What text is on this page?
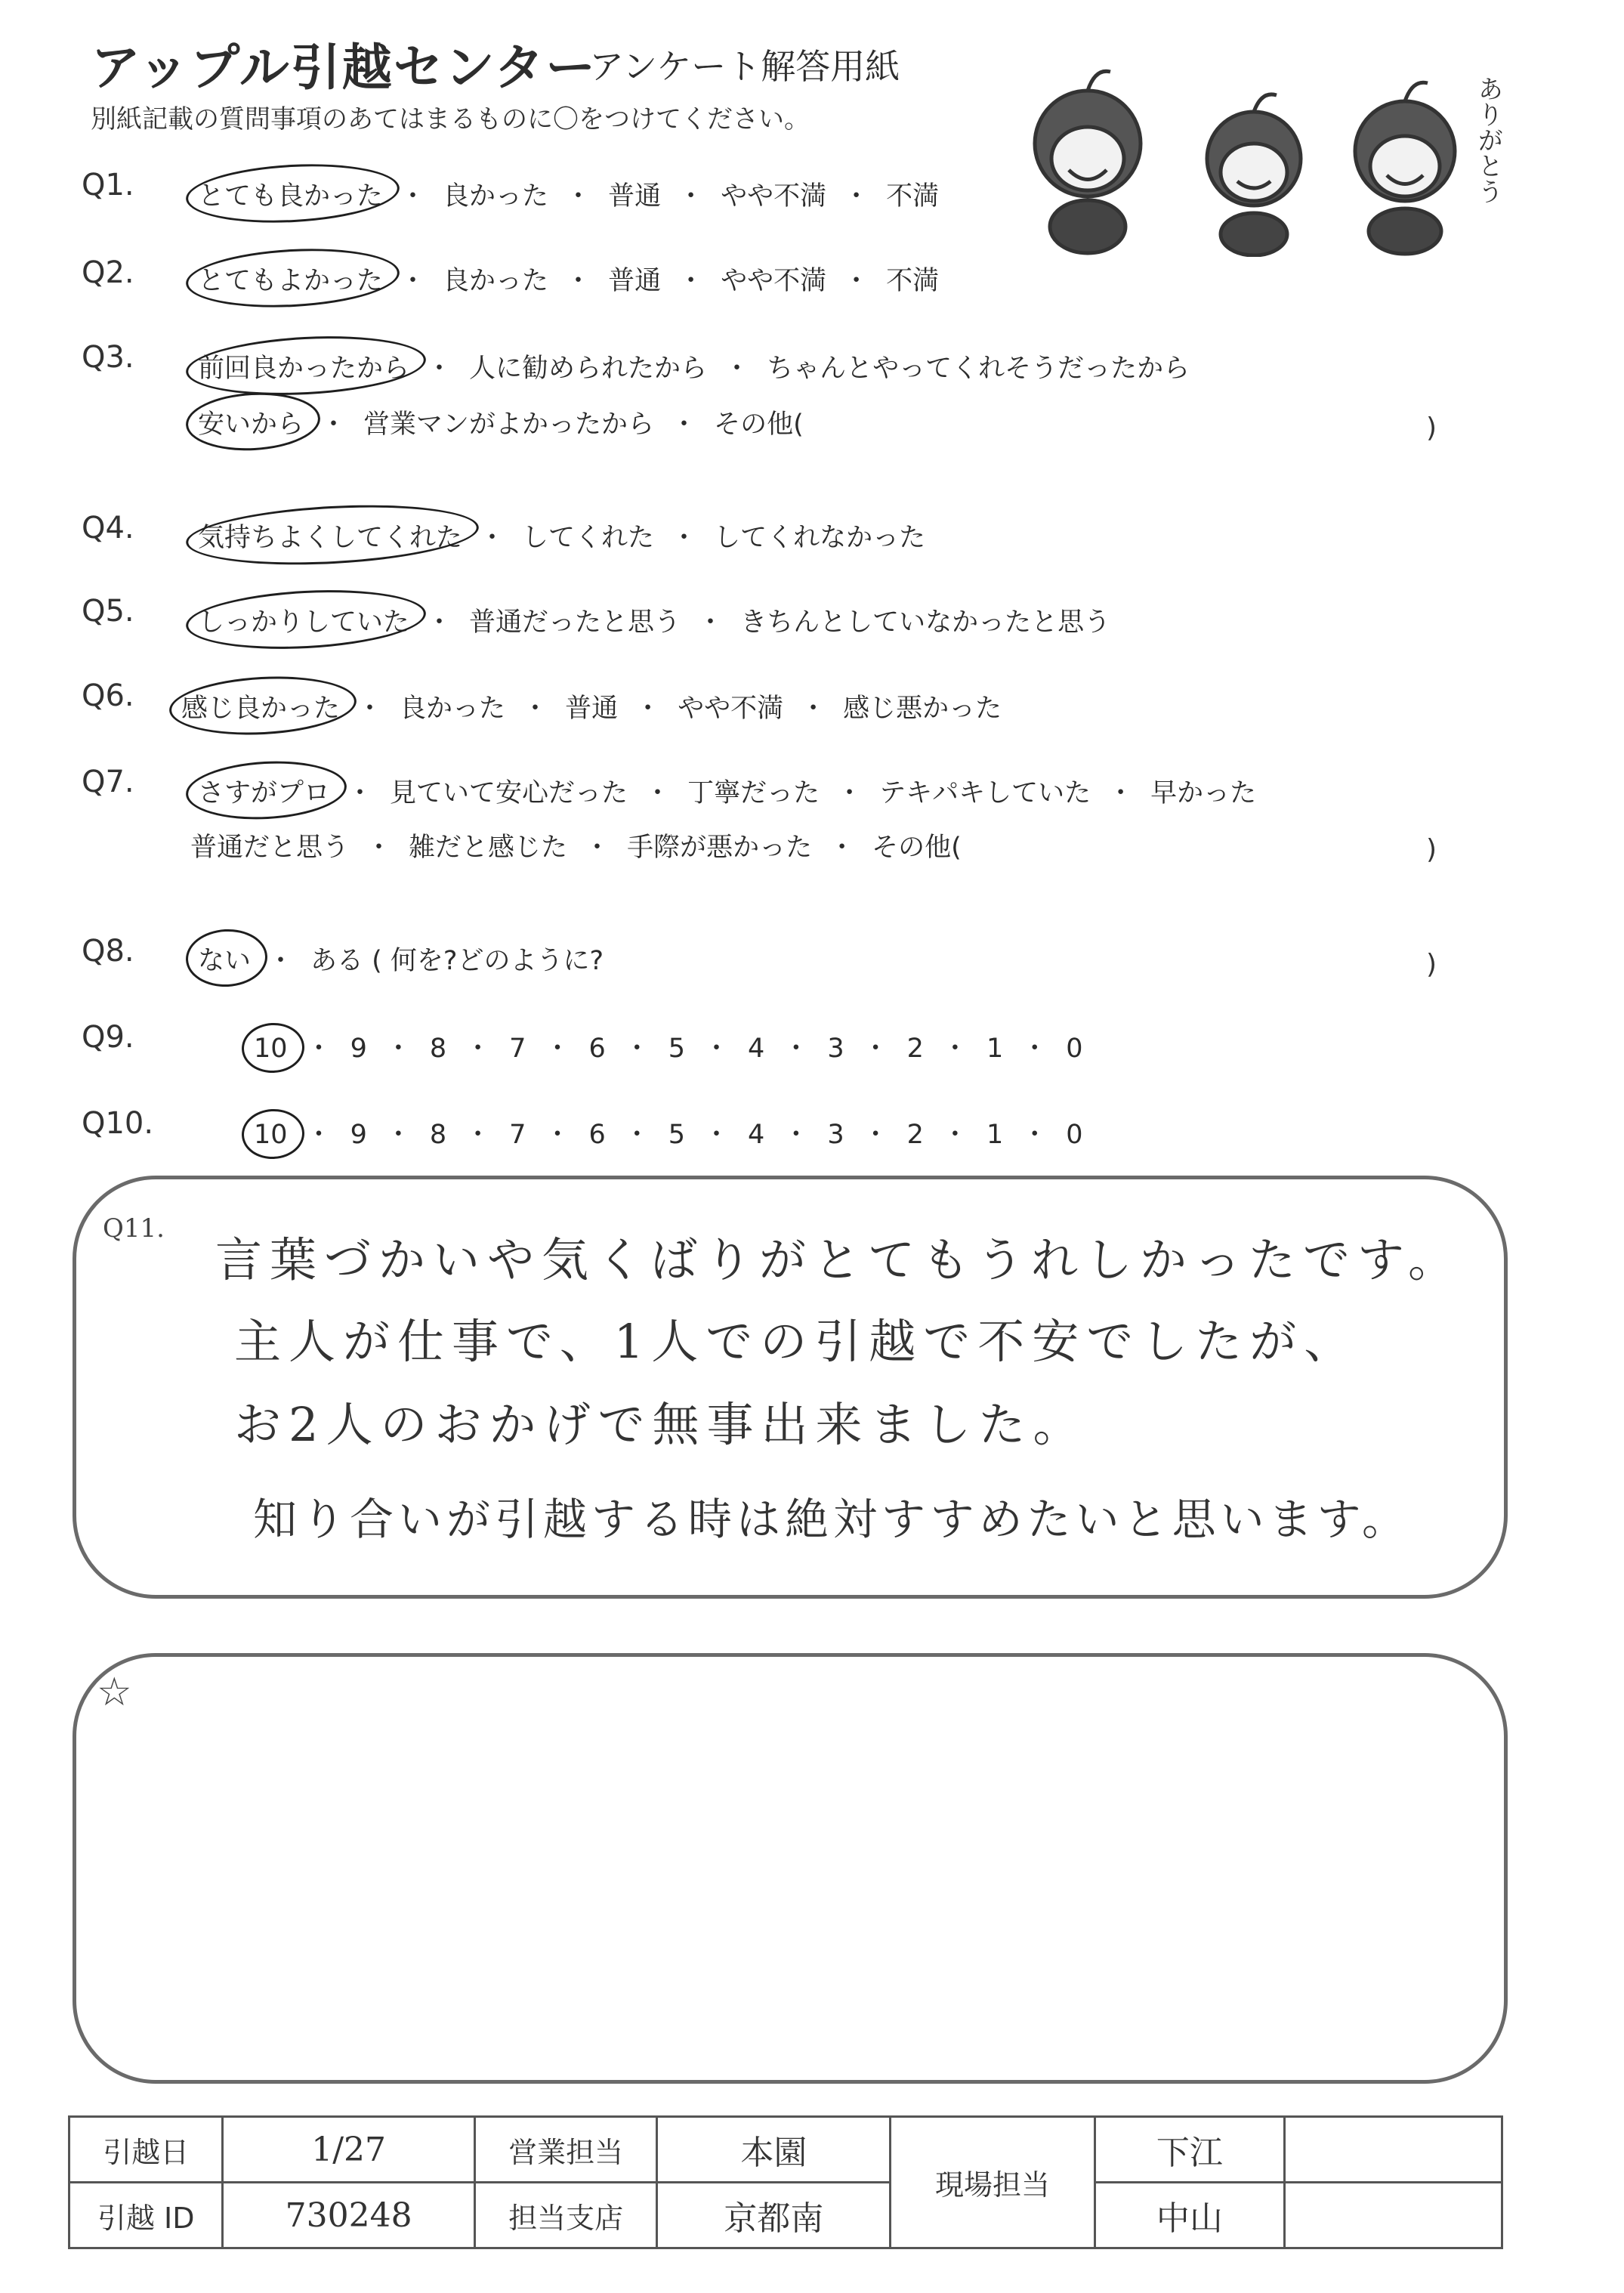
アップル引越センター
アンケート解答用紙
別紙記載の質問事項のあてはまるものに〇をつけてください。	ありがとう
Q1. とても良かった ・ 良かった ・ 普通 ・ やや不満 ・ 不満
Q2. とてもよかった ・ 良かった ・ 普通 ・ やや不満 ・ 不満
Q3. 前回良かったから ・ 人に勧められたから ・ ちゃんとやってくれそうだったから
安いから ・ 営業マンがよかったから ・ その他(	)
Q4. 気持ちよくしてくれた ・ してくれた ・ してくれなかった
Q5. しっかりしていた ・ 普通だったと思う ・ きちんとしていなかったと思う
Q6. 感じ良かった ・ 良かった ・ 普通 ・ やや不満 ・ 感じ悪かった
Q7. さすがプロ ・ 見ていて安心だった ・ 丁寧だった ・ テキパキしていた ・ 早かった
普通だと思う ・ 雑だと感じた ・ 手際が悪かった ・ その他(	)
Q8. ない ・ ある ( 何を?どのように?	)
Q9.	10 ・ 9 ・ 8 ・ 7 ・ 6 ・ 5 ・ 4 ・ 3 ・ 2 ・ 1 ・ 0
Q10.	10 ・ 9 ・ 8 ・ 7 ・ 6 ・ 5 ・ 4 ・ 3 ・ 2 ・ 1 ・ 0
Q11.
言葉づかいや気くばりがとてもうれしかったです。
主人が仕事で、1人での引越で不安でしたが、
お2人のおかげで無事出来ました。
知り合いが引越する時は絶対すすめたいと思います。
☆
引越日	1/27	営業担当	本園	現場担当	下江	
引越 ID	730248	担当支店	京都南		中山	
